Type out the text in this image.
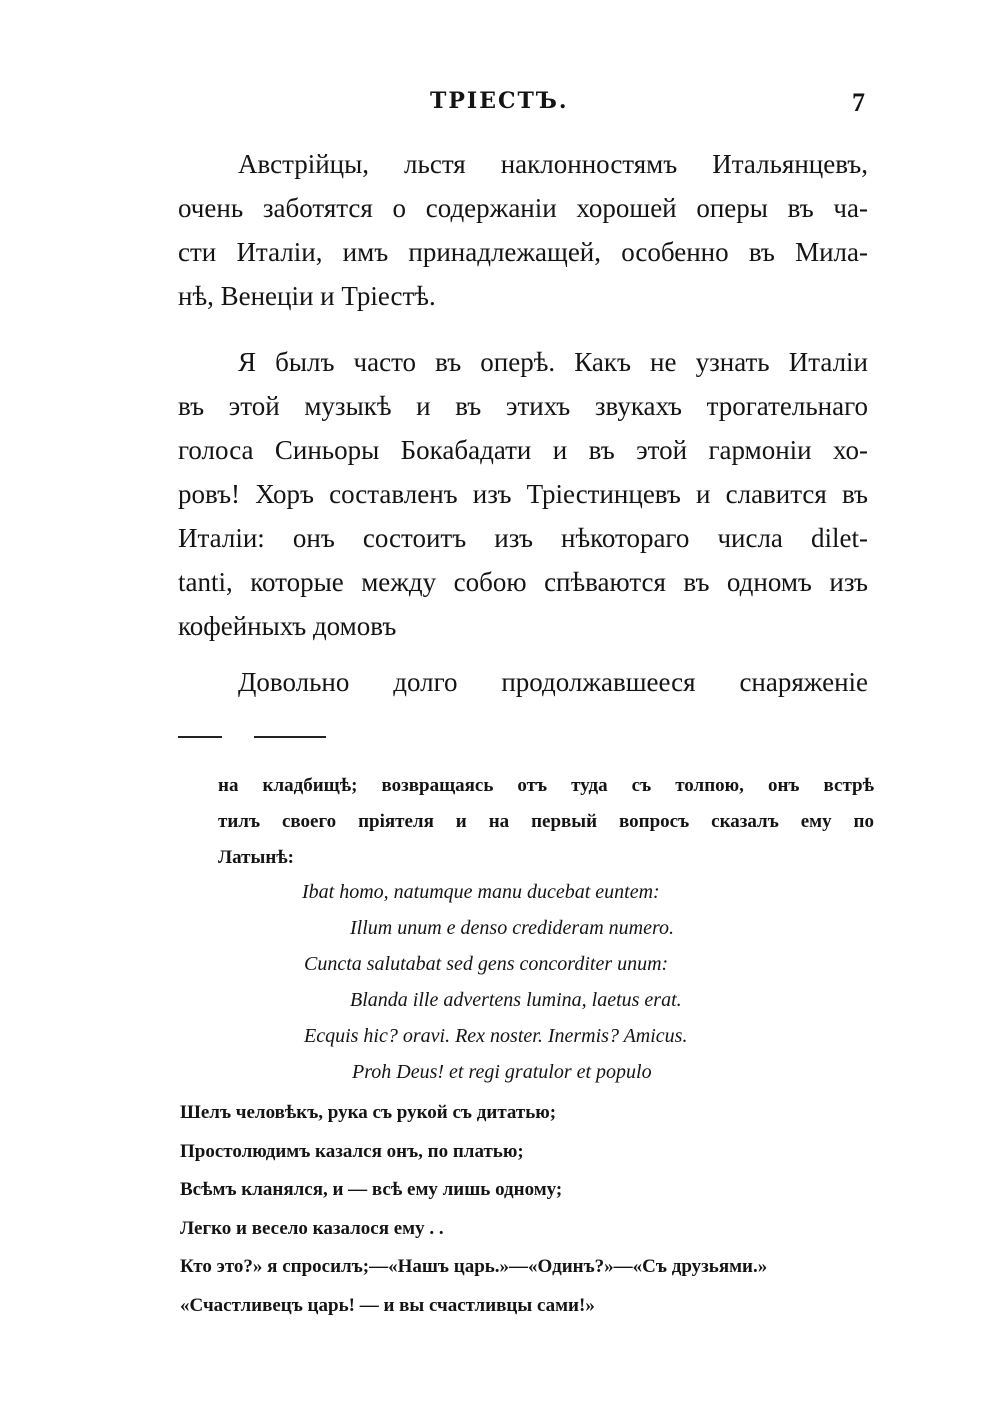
ТРІЕСТЪ.	7
Австрійцы, льстя наклонностямъ Итальянцевъ,
очень заботятся о содержаніи хорошей оперы въ ча-
сти Италіи, имъ принадлежащей, особенно въ Мила-
нѣ, Венеціи и Тріестѣ.
Я былъ часто въ оперѣ. Какъ не узнать Италіи
въ этой музыкѣ и въ этихъ звукахъ трогательнаго
голоса Синьоры Бокабадати и въ этой гармоніи хо-
ровъ! Хоръ составленъ изъ Тріестинцевъ и славится въ
Италіи: онъ состоитъ изъ нѣкотораго числа dilet-
tanti, которые между собою спѣваются въ одномъ изъ
кофейныхъ домовъ
Довольно долго продолжавшееся снаряженіе
на кладбищѣ; возвращаясь отъ туда съ толпою, онъ встрѣ
тилъ своего пріятеля и на первый вопросъ сказалъ ему по
Латынѣ:
Ibat homo, natumque manu ducebat euntem:
Illum unum e denso credideram numero.
Cuncta salutabat sed gens concorditer unum:
Blanda ille advertens lumina, laetus erat.
Ecquis hic? oravi. Rex noster. Inermis? Amicus.
Proh Deus! et regi gratulor et populo
Шелъ человѣкъ, рука съ рукой съ дитатью;
Простолюдимъ казался онъ, по платью;
Всѣмъ кланялся, и — всѣ ему лишь одному;
Легко и весело казалося ему . .
Кто это?» я спросилъ;—«Нашъ царь.»—«Одинъ?»—«Съ друзьями.»
«Счастливецъ царь! — и вы счастливцы сами!»
